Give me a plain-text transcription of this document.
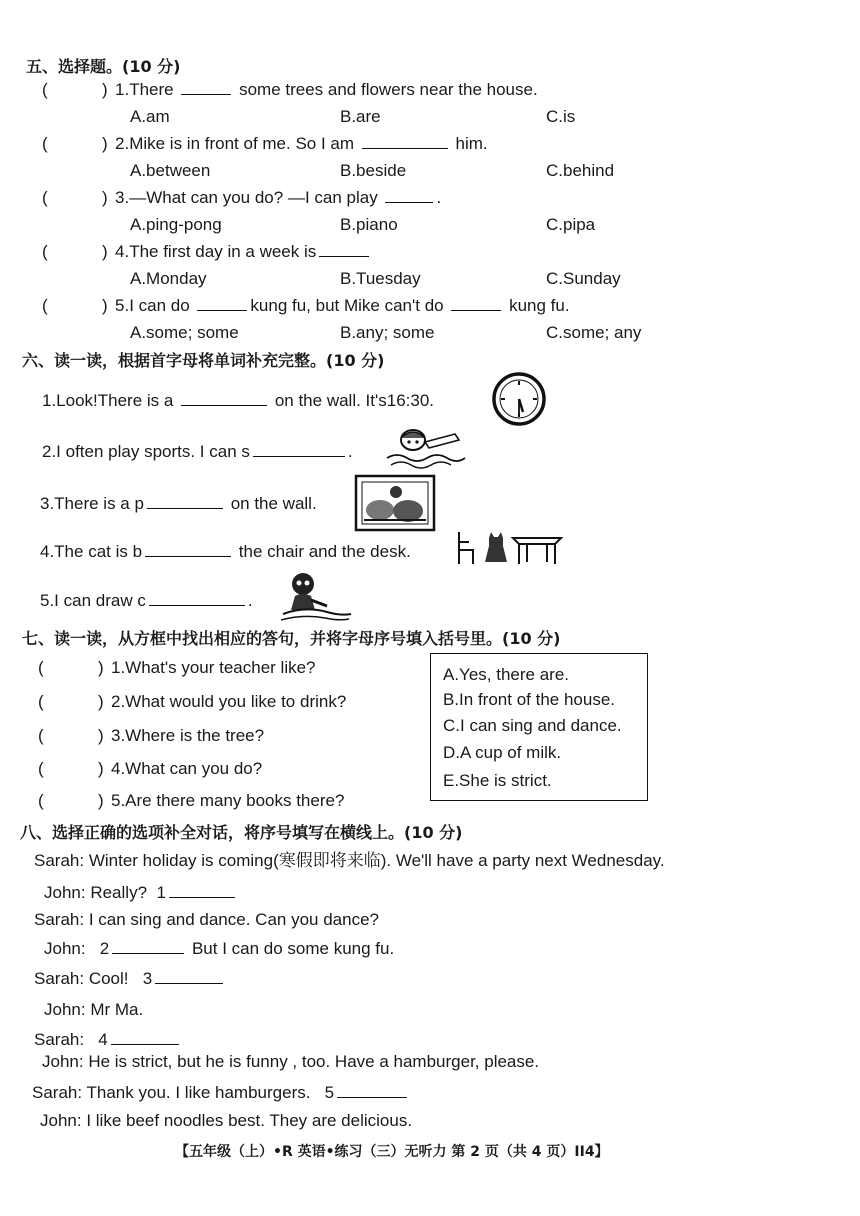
五、选择题。(10 分)
(	) 1.There	some trees and flowers near the house.
A.am	B.are	C.is
(	) 2.Mike is in front of me. So I am	him.
A.between	B.beside	C.behind
(	) 3.—What can you do? —I can play	.
A.ping-pong	B.piano	C.pipa
(	) 4.The first day in a week is
A.Monday	B.Tuesday	C.Sunday
(	) 5.I can do	kung fu, but Mike can't do	kung fu.
A.some; some	B.any; some	C.some; any
六、读一读，根据首字母将单词补充完整。(10 分)
1.Look!There is a	on the wall. It's16:30.
2.I often play sports. I can s	.
3.There is a p	on the wall.
4.The cat is b	the chair and the desk.
5.I can draw c	.
七、读一读，从方框中找出相应的答句，并将字母序号填入括号里。(10 分)
(	) 1.What's your teacher like?
(	) 2.What would you like to drink?
(	) 3.Where is the tree?
(	) 4.What can you do?
(	) 5.Are there many books there?
A.Yes, there are.
B.In front of the house.
C.I can sing and dance.
D.A cup of milk.
E.She is strict.
八、选择正确的选项补全对话，将序号填写在横线上。(10 分)
Sarah: Winter holiday is coming(寒假即将来临). We'll have a party next Wednesday.
John: Really? 1
Sarah: I can sing and dance. Can you dance?
John: 2	But I can do some kung fu.
Sarah: Cool! 3
John: Mr Ma.
Sarah: 4
John: He is strict, but he is funny , too. Have a hamburger, please.
Sarah: Thank you. I like hamburgers. 5
John: I like beef noodles best. They are delicious.
【五年级（上）•R 英语•练习（三）无听力 第 2 页（共 4 页）II4】
